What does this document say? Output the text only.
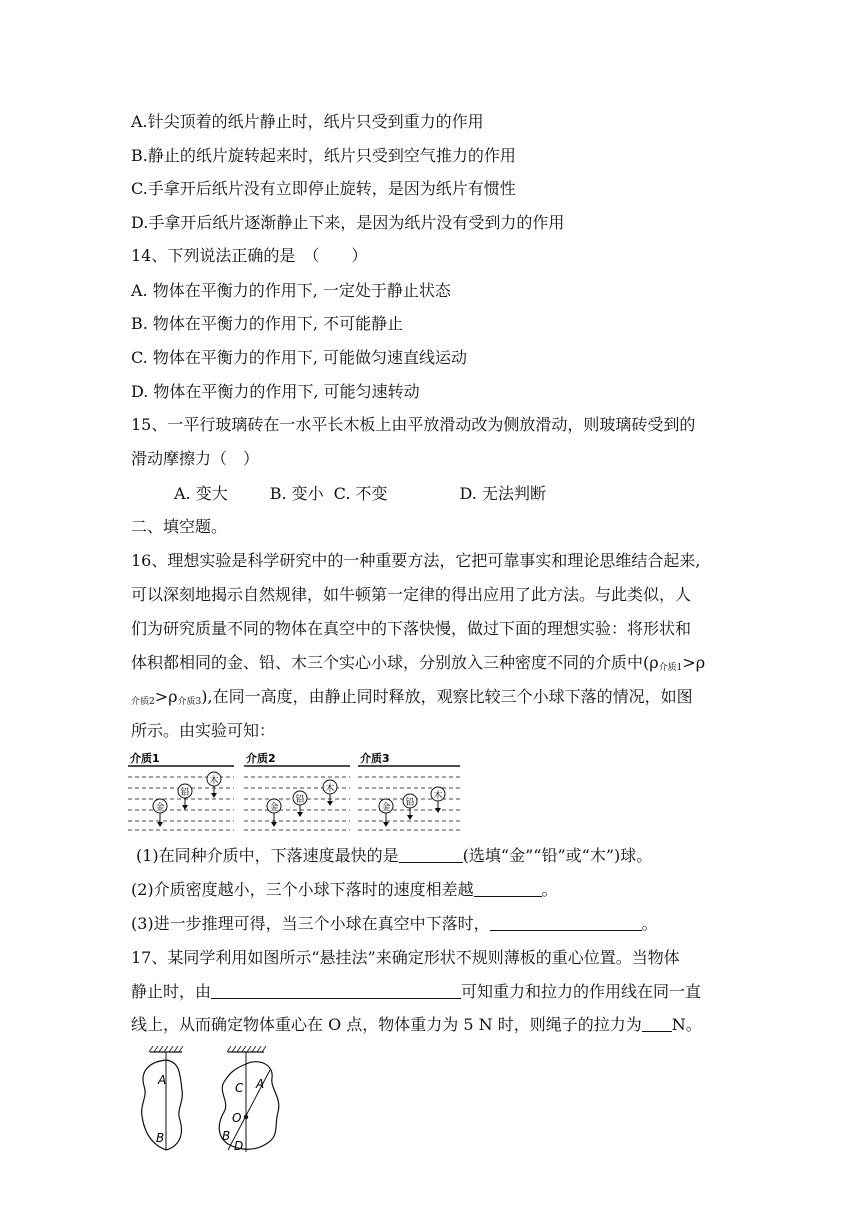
A.针尖顶着的纸片静止时，纸片只受到重力的作用
B.静止的纸片旋转起来时，纸片只受到空气推力的作用
C.手拿开后纸片没有立即停止旋转，是因为纸片有惯性
D.手拿开后纸片逐渐静止下来，是因为纸片没有受到力的作用
14、下列说法正确的是　（　　）
A. 物体在平衡力的作用下, 一定处于静止状态
B. 物体在平衡力的作用下, 不可能静止
C. 物体在平衡力的作用下, 可能做匀速直线运动
D. 物体在平衡力的作用下, 可能匀速转动
15、一平行玻璃砖在一水平长木板上由平放滑动改为侧放滑动，则玻璃砖受到的
滑动摩擦力（　）
A. 变大	B. 变小 C. 不变	D. 无法判断
二、填空题。
16、理想实验是科学研究中的一种重要方法，它把可靠事实和理论思维结合起来,
可以深刻地揭示自然规律，如牛顿第一定律的得出应用了此方法。与此类似，人
们为研究质量不同的物体在真空中的下落快慢，做过下面的理想实验：将形状和
体积都相同的金、铅、木三个实心小球，分别放入三种密度不同的介质中($\rho_{介质1}>\rho$
$_{介质2}>\rho_{介质3}$),在同一高度，由静止同时释放，观察比较三个小球下落的情况，如图
所示。由实验可知：
介质1
金
铅
木
介质2
金
铅
木
介质3
金 铅
木
(1)在同种介质中，下落速度最快的是	(选填“金”“铅”或“木”)球。
(2)介质密度越小，三个小球下落时的速度相差越	。
(3)进一步推理可得，当三个小球在真空中下落时，	。
17、某同学利用如图所示“悬挂法”来确定形状不规则薄板的重心位置。当物体
静止时，由	可知重力和拉力的作用线在同一直
线上，从而确定物体重心在 O 点，物体重力为 5 N 时，则绳子的拉力为 N。
A
B
C A
O
B
D
